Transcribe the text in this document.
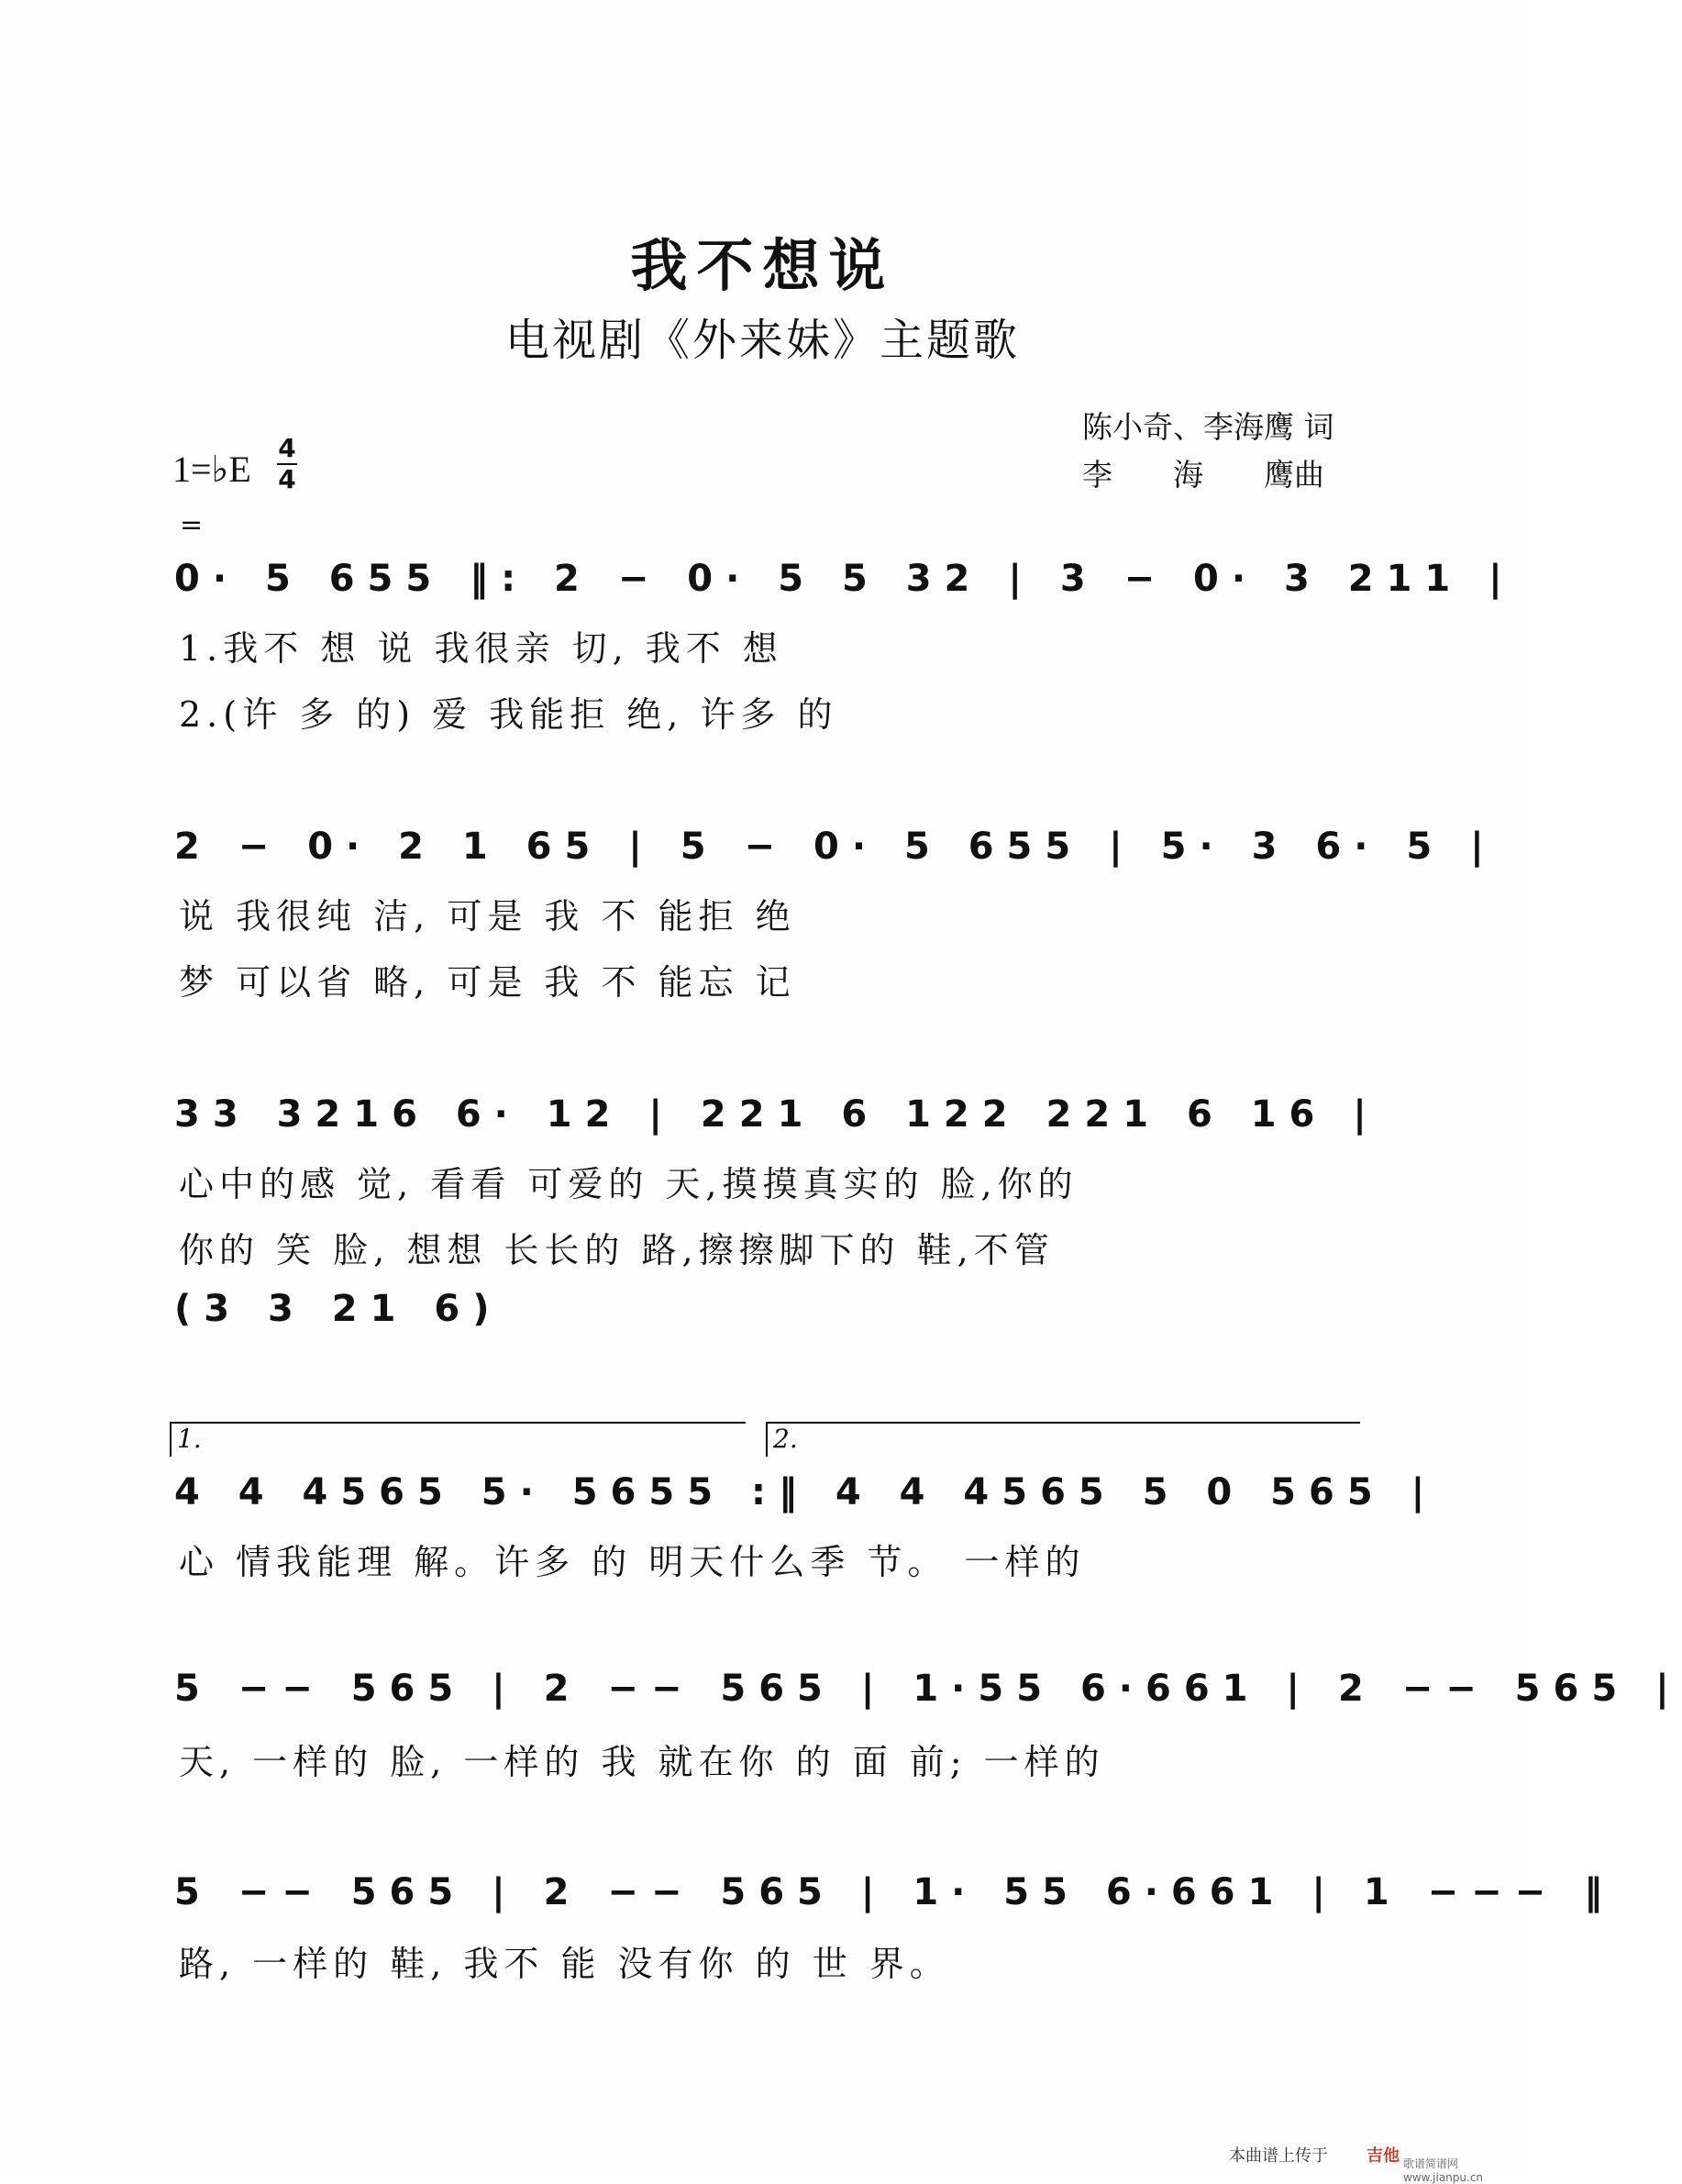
我不想说
电视剧《外来妹》主题歌
陈小奇、李海鹰 词
李　　海　　鹰曲
1=♭E
4
4
=
0· 5 655 ‖: 2 − 0· 5 5 32 | 3 − 0· 3 211 |
1.我不 想 说 我很亲 切, 我不 想
2.(许 多 的) 爱 我能拒 绝, 许多 的
2 − 0· 2 1 65 | 5 − 0· 5 655 | 5· 3 6· 5 |
说 我很纯 洁, 可是 我 不 能拒 绝
梦 可以省 略, 可是 我 不 能忘 记
33 3216 6· 12 | 221 6 122 221 6 16 |
心中的感 觉, 看看 可爱的 天,摸摸真实的 脸,你的
你的 笑 脸, 想想 长长的 路,擦擦脚下的 鞋,不管
(3 3 21 6)
1.	2.
4 4 4565 5· 5655 :‖ 4 4 4565 5 0 565 |
心 情我能理 解。许多 的 明天什么季 节。 一样的
5 −− 565 | 2 −− 565 | 1·55 6·661 | 2 −− 565 |
天, 一样的 脸, 一样的 我 就在你 的 面 前; 一样的
5 −− 565 | 2 −− 565 | 1· 55 6·661 | 1 −−− ‖
路, 一样的 鞋, 我不 能 没有你 的 世 界。
本曲谱上传于 吉他 歌谱简谱网 www.jianpu.cn
